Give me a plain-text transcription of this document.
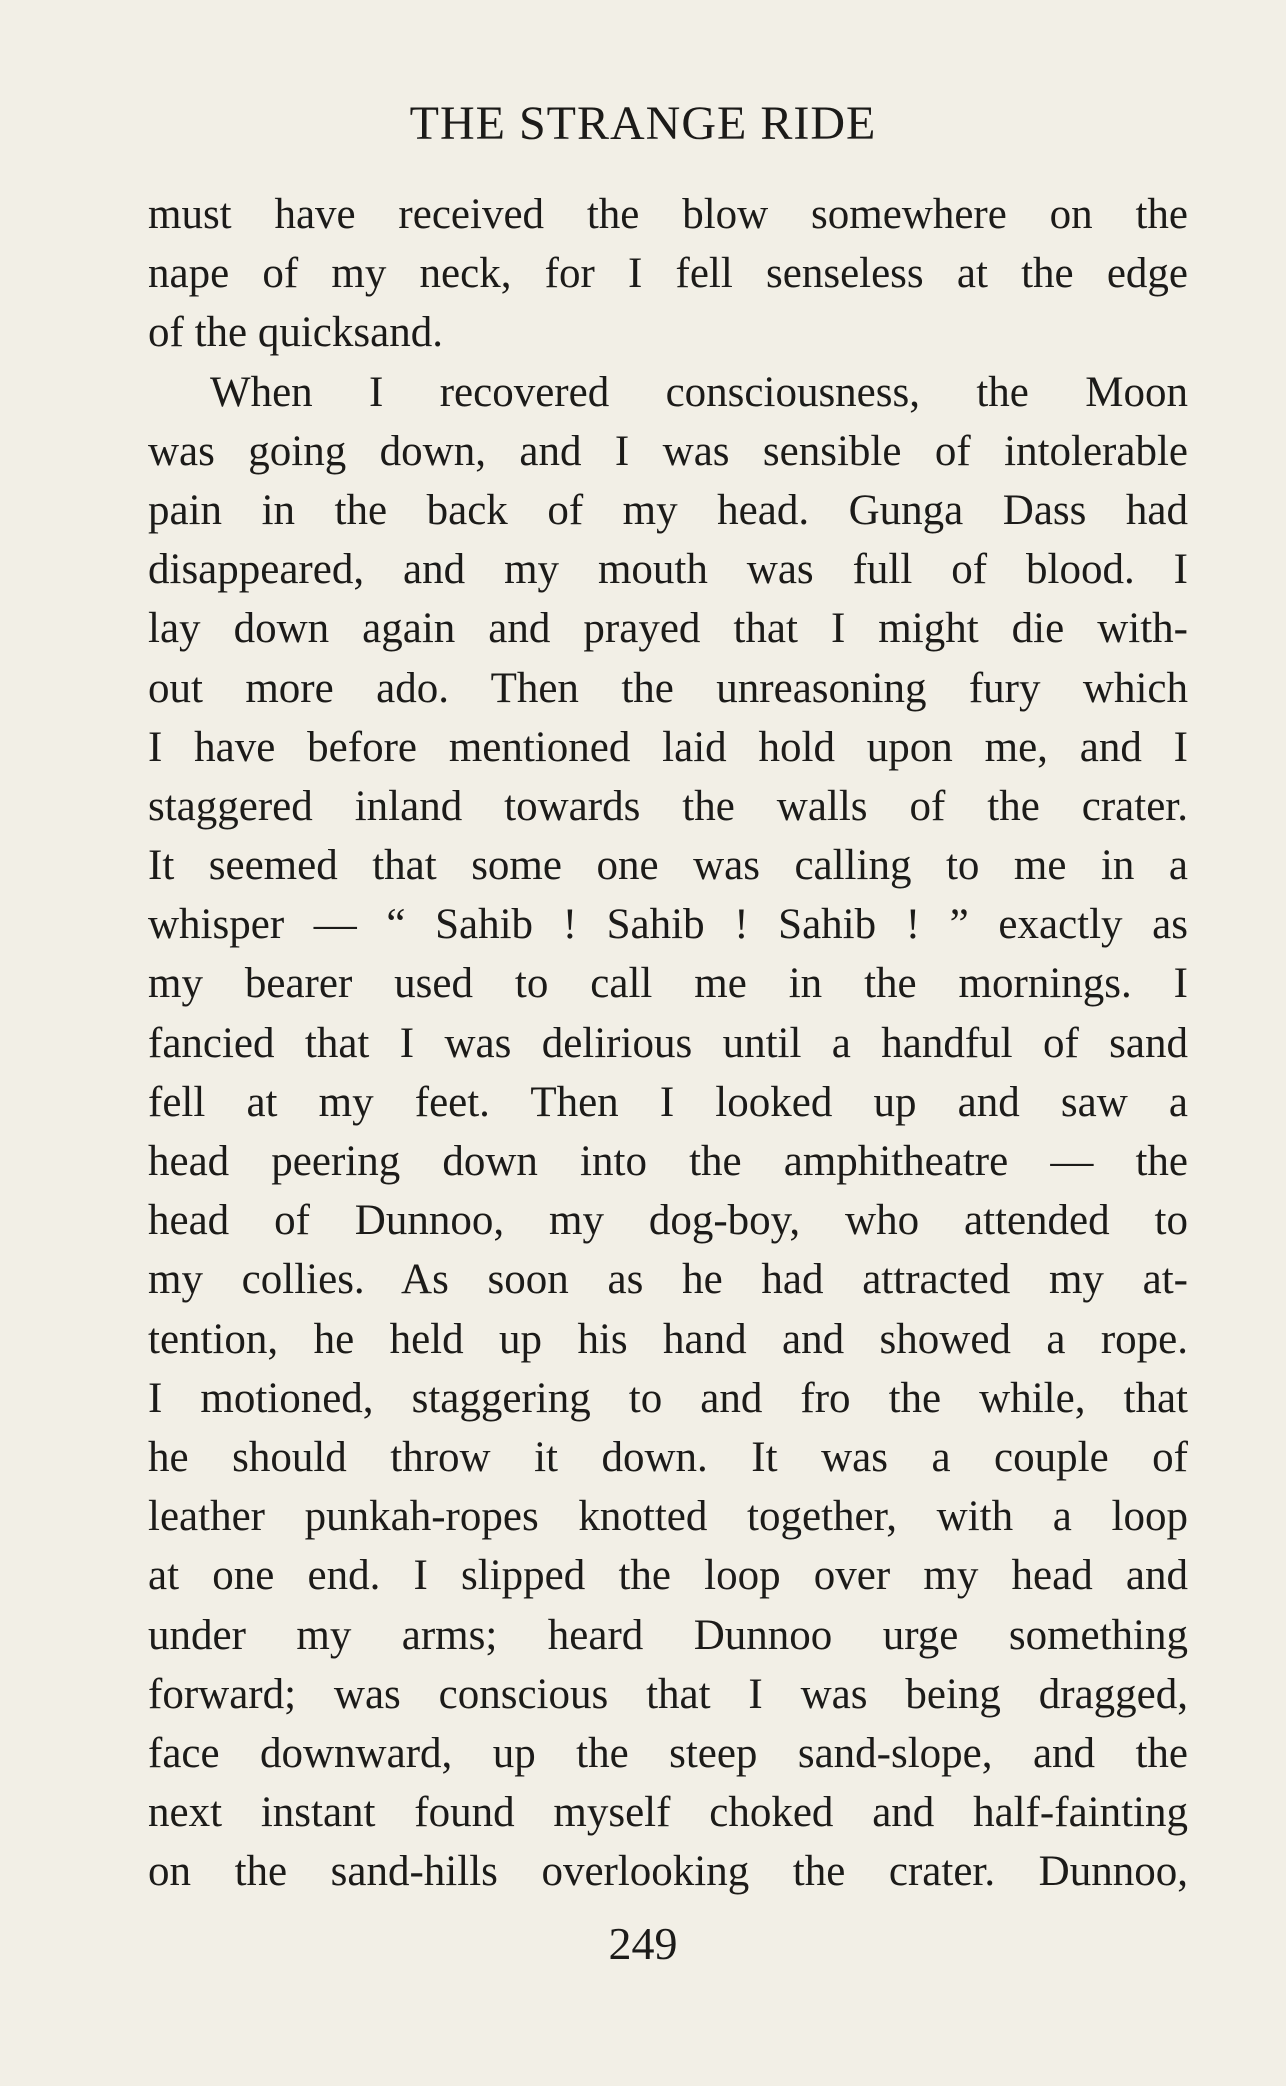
THE STRANGE RIDE
must have received the blow somewhere on the
nape of my neck, for I fell senseless at the edge
of the quicksand.
When I recovered consciousness, the Moon
was going down, and I was sensible of intolerable
pain in the back of my head. Gunga Dass had
disappeared, and my mouth was full of blood. I
lay down again and prayed that I might die with-
out more ado. Then the unreasoning fury which
I have before mentioned laid hold upon me, and I
staggered inland towards the walls of the crater.
It seemed that some one was calling to me in a
whisper — “ Sahib ! Sahib ! Sahib ! ” exactly as
my bearer used to call me in the mornings. I
fancied that I was delirious until a handful of sand
fell at my feet. Then I looked up and saw a
head peering down into the amphitheatre — the
head of Dunnoo, my dog-boy, who attended to
my collies. As soon as he had attracted my at-
tention, he held up his hand and showed a rope.
I motioned, staggering to and fro the while, that
he should throw it down. It was a couple of
leather punkah-ropes knotted together, with a loop
at one end. I slipped the loop over my head and
under my arms; heard Dunnoo urge something
forward; was conscious that I was being dragged,
face downward, up the steep sand-slope, and the
next instant found myself choked and half-fainting
on the sand-hills overlooking the crater. Dunnoo,
249
